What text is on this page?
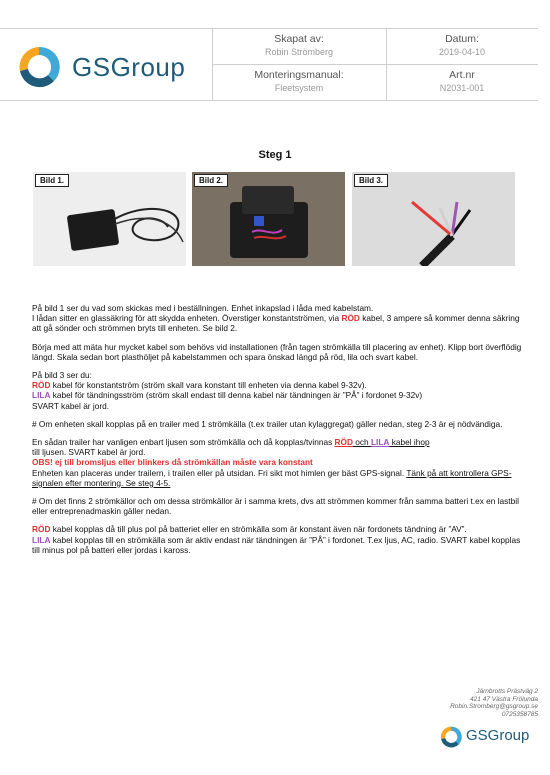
GSGroup
Skapat av:
Robin Strömberg
Datum:
2019-04-10
Monteringsmanual:
Fleetsystem
Art.nr
N2031-001
Steg 1
Bild 1.	Bild 2.	Bild 3.

På bild 1 ser du vad som skickas med i beställningen. Enhet inkapslad i låda med kabelstam.
I lådan sitter en glassäkring för att skydda enheten. Överstiger konstantströmen, via RÖD kabel, 3 ampere så kommer denna säkring att gå sönder och strömmen bryts till enheten. Se bild 2.

Börja med att mäta hur mycket kabel som behövs vid installationen (från tagen strömkälla till placering av enhet). Klipp bort överflödig längd. Skala sedan bort plasthöljet på kabelstammen och spara önskad längd på röd, lila och svart kabel.

På bild 3 ser du:
RÖD kabel för konstantström (ström skall vara konstant till enheten via denna kabel 9-32v).
LILA kabel för tändningsström (ström skall endast till denna kabel när tändningen är ”PÅ” i fordonet 9-32v)
SVART kabel är jord.

# Om enheten skall kopplas på en trailer med 1 strömkälla (t.ex trailer utan kylaggregat) gäller nedan, steg 2-3 är ej nödvändiga.

En sådan trailer har vanligen enbart ljusen som strömkälla och då kopplas/tvinnas RÖD och LILA kabel ihop
till ljusen. SVART kabel är jord.
OBS! ej till bromsljus eller blinkers då strömkällan måste vara konstant
Enheten kan placeras under trailern, i trailen eller på utsidan. Fri sikt mot himlen ger bäst GPS-signal. Tänk på att kontrollera GPS-signalen efter montering. Se steg 4-5.

# Om det finns 2 strömkällor och om dessa strömkällor är i samma krets, dvs att strömmen kommer från samma batteri t.ex en lastbil eller entreprenadmaskin gäller nedan.

RÖD kabel kopplas då till plus pol på batteriet eller en strömkälla som är konstant även när fordonets tändning är ”AV”.
LILA kabel kopplas till en strömkälla som är aktiv endast när tändningen är ”PÅ” i fordonet. T.ex ljus, AC, radio. SVART kabel kopplas till minus pol på batteri eller jordas i kaross.

Järnbrotts Prästväg 2
421 47 Västra Frölunda
Robin.Stromberg@gsgroup.se
0725358785
GSGroup
